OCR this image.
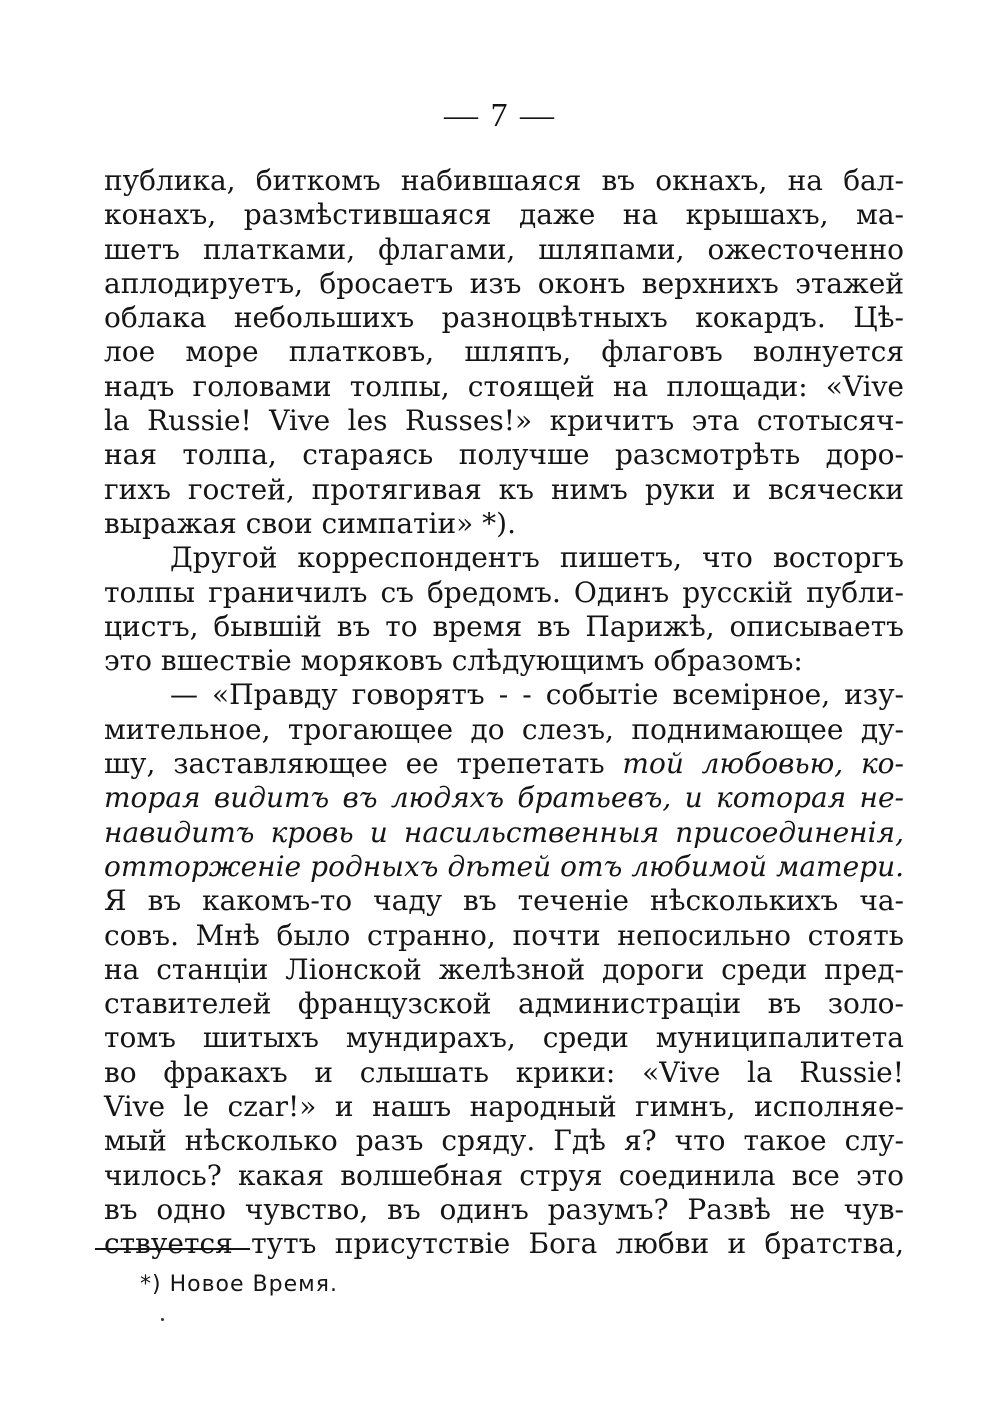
— 7 —
публика, биткомъ набившаяся въ окнахъ, на бал-
конахъ, размѣстившаяся даже на крышахъ, ма-
шетъ платками, флагами, шляпами, ожесточенно
аплодируетъ, бросаетъ изъ оконъ верхнихъ этажей
облака небольшихъ разноцвѣтныхъ кокардъ. Цѣ-
лое море платковъ, шляпъ, флаговъ волнуется
надъ головами толпы, стоящей на площади: «Vive
la Russie! Vive les Russes!» кричитъ эта стотысяч-
ная толпа, стараясь получше разсмотрѣть доро-
гихъ гостей, протягивая къ нимъ руки и всячески
выражая свои симпатіи» *).
Другой корреспондентъ пишетъ, что восторгъ
толпы граничилъ съ бредомъ. Одинъ русскій публи-
цистъ, бывшій въ то время въ Парижѣ, описываетъ
это вшествіе моряковъ слѣдующимъ образомъ:
— «Правду говорятъ - - событіе всемірное, изу-
мительное, трогающее до слезъ, поднимающее ду-
шу, заставляющее ее трепетать той любовью, ко-
торая видитъ въ людяхъ братьевъ, и которая не-
навидитъ кровь и насильственныя присоединенія,
отторженіе родныхъ дѣтей отъ любимой матери.
Я въ какомъ-то чаду въ теченіе нѣсколькихъ ча-
совъ. Мнѣ было странно, почти непосильно стоять
на станціи Ліонской желѣзной дороги среди пред-
ставителей французской администраціи въ золо-
томъ шитыхъ мундирахъ, среди муниципалитета
во фракахъ и слышать крики: «Vive la Russie!
Vive le czar!» и нашъ народный гимнъ, исполняе-
мый нѣсколько разъ сряду. Гдѣ я? что такое слу-
чилось? какая волшебная струя соединила все это
въ одно чувство, въ одинъ разумъ? Развѣ не чув-
ствуется тутъ присутствіе Бога любви и братства,
*) Новое Время.
